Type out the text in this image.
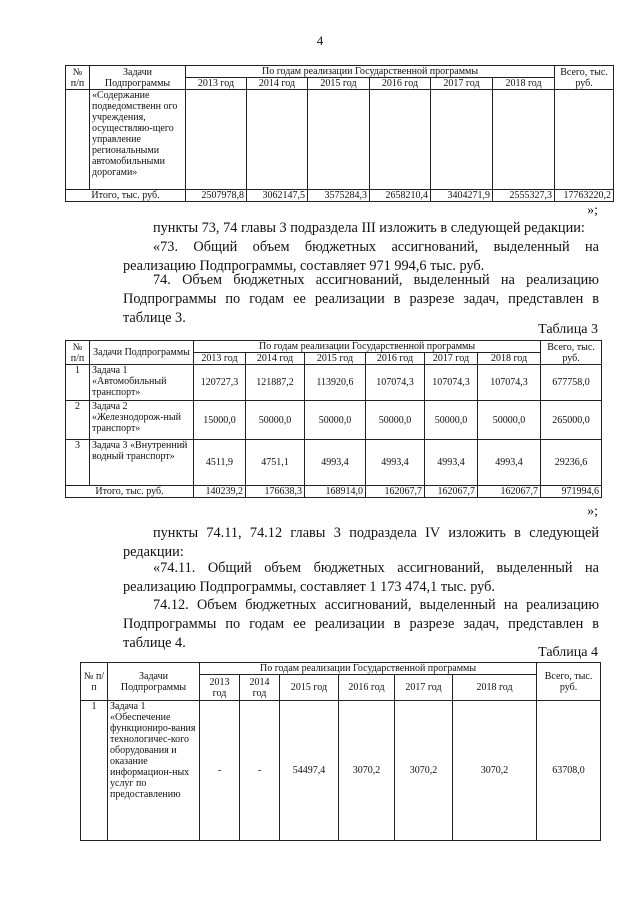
4
№ п/п	Задачи Подпрограммы	По годам реализации Государственной программы						Всего, тыс. руб.
		2013 год	2014 год	2015 год	2016 год	2017 год	2018 год	
	«Содержание подведомственн ого учреждения, осуществляю-щего управление региональными автомобильными дорогами»							
Итого, тыс. руб.		2507978,8	3062147,5	3575284,3	2658210,4	3404271,9	2555327,3	17763220,2
»;
пункты 73, 74 главы 3 подраздела III изложить в следующей редакции:
«73. Общий объем бюджетных ассигнований, выделенный на реализацию Подпрограммы, составляет 971 994,6 тыс. руб.
74. Объем бюджетных ассигнований, выделенный на реализацию Подпрограммы по годам ее реализации в разрезе задач, представлен в таблице 3.
Таблица 3
№ п/п	Задачи Подпрограммы	По годам реализации Государственной программы						Всего, тыс. руб.
		2013 год	2014 год	2015 год	2016 год	2017 год	2018 год	
1	Задача 1 «Автомобильный транспорт»	120727,3	121887,2	113920,6	107074,3	107074,3	107074,3	677758,0
2	Задача 2 «Железнодорож-ный транспорт»	15000,0	50000,0	50000,0	50000,0	50000,0	50000,0	265000,0
3	Задача 3 «Внутренний водный транспорт»	4511,9	4751,1	4993,4	4993,4	4993,4	4993,4	29236,6
Итого, тыс. руб.		140239,2	176638,3	168914,0	162067,7	162067,7	162067,7	971994,6
»;
пункты 74.11, 74.12 главы 3 подраздела IV изложить в следующей редакции:
«74.11. Общий объем бюджетных ассигнований, выделенный на реализацию Подпрограммы, составляет 1 173 474,1 тыс. руб.
74.12. Объем бюджетных ассигнований, выделенный на реализацию Подпрограммы по годам ее реализации в разрезе задач, представлен в таблице 4.
Таблица 4
№ п/п	Задачи Подпрограммы	По годам реализации Государственной программы						Всего, тыс. руб.
		2013 год	2014 год	2015 год	2016 год	2017 год	2018 год	
1	Задача 1 «Обеспечение функциониро-вания технологичес-кого оборудования и оказание информацион-ных услуг по предоставлению	-	-	54497,4	3070,2	3070,2	3070,2	63708,0
